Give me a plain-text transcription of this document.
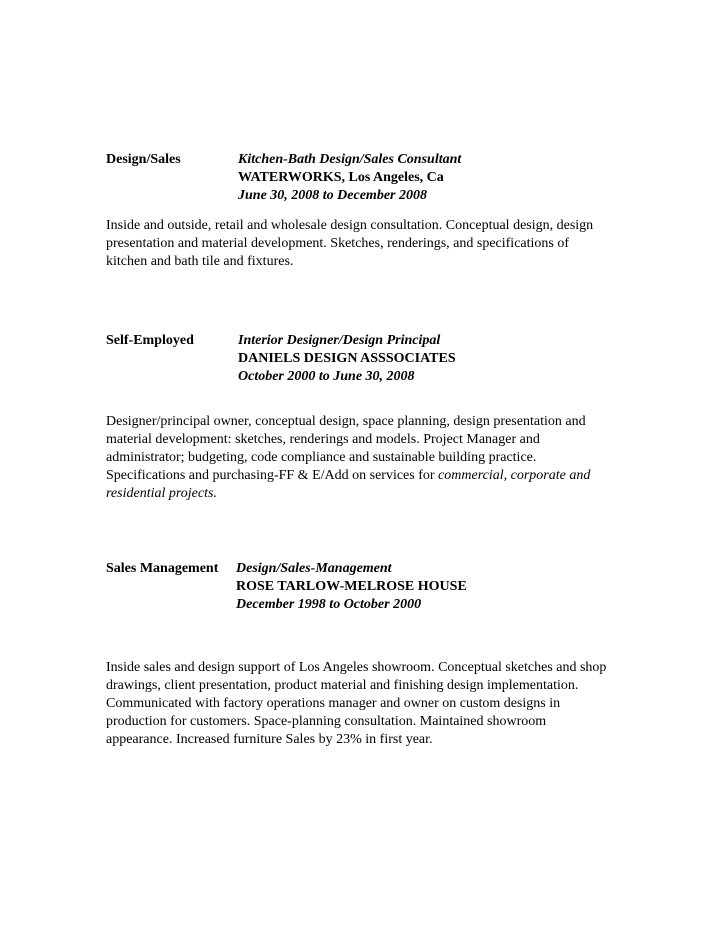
Design/Sales	Kitchen-Bath Design/Sales Consultant
WATERWORKS, Los Angeles, Ca
June 30, 2008 to December 2008

Inside and outside, retail and wholesale design consultation. Conceptual design, design
presentation and material development. Sketches, renderings, and specifications of
kitchen and bath tile and fixtures.

Self-Employed	Interior Designer/Design Principal
DANIELS DESIGN ASSSOCIATES
October 2000 to June 30, 2008

Designer/principal owner, conceptual design, space planning, design presentation and
material development: sketches, renderings and models. Project Manager and
administrator; budgeting, code compliance and sustainable building practice.
Specifications and purchasing-FF & E/Add on services for commercial, corporate and
residential projects.

Sales Management Design/Sales-Management
ROSE TARLOW-MELROSE HOUSE
December 1998 to October 2000

Inside sales and design support of Los Angeles showroom. Conceptual sketches and shop
drawings, client presentation, product material and finishing design implementation.
Communicated with factory operations manager and owner on custom designs in
production for customers. Space-planning consultation. Maintained showroom
appearance. Increased furniture Sales by 23% in first year.
